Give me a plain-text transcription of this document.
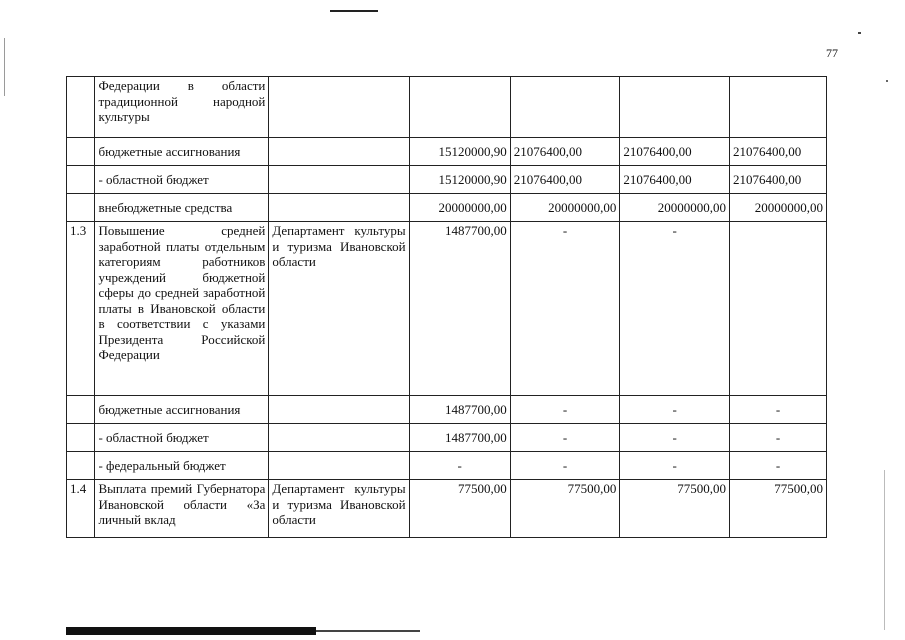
77
	Федерации в области традиционной народной культуры					
	бюджетные ассигнования		15120000,90	21076400,00	21076400,00	21076400,00
	- областной бюджет		15120000,90	21076400,00	21076400,00	21076400,00
	внебюджетные средства		20000000,00	20000000,00	20000000,00	20000000,00
1.3	Повышение средней заработной платы отдельным категориям работников учреждений бюджетной сферы до средней заработной платы в Ивановской области в соответствии с указами Президента Российской Федерации	Департамент культуры и туризма Ивановской области	1487700,00	-	-	
	бюджетные ассигнования		1487700,00	-	-	-
	- областной бюджет		1487700,00	-	-	-
	- федеральный бюджет		-	-	-	-
1.4	Выплата премий Губернатора Ивановской области «За личный вклад	Департамент культуры и туризма Ивановской области	77500,00	77500,00	77500,00	77500,00
